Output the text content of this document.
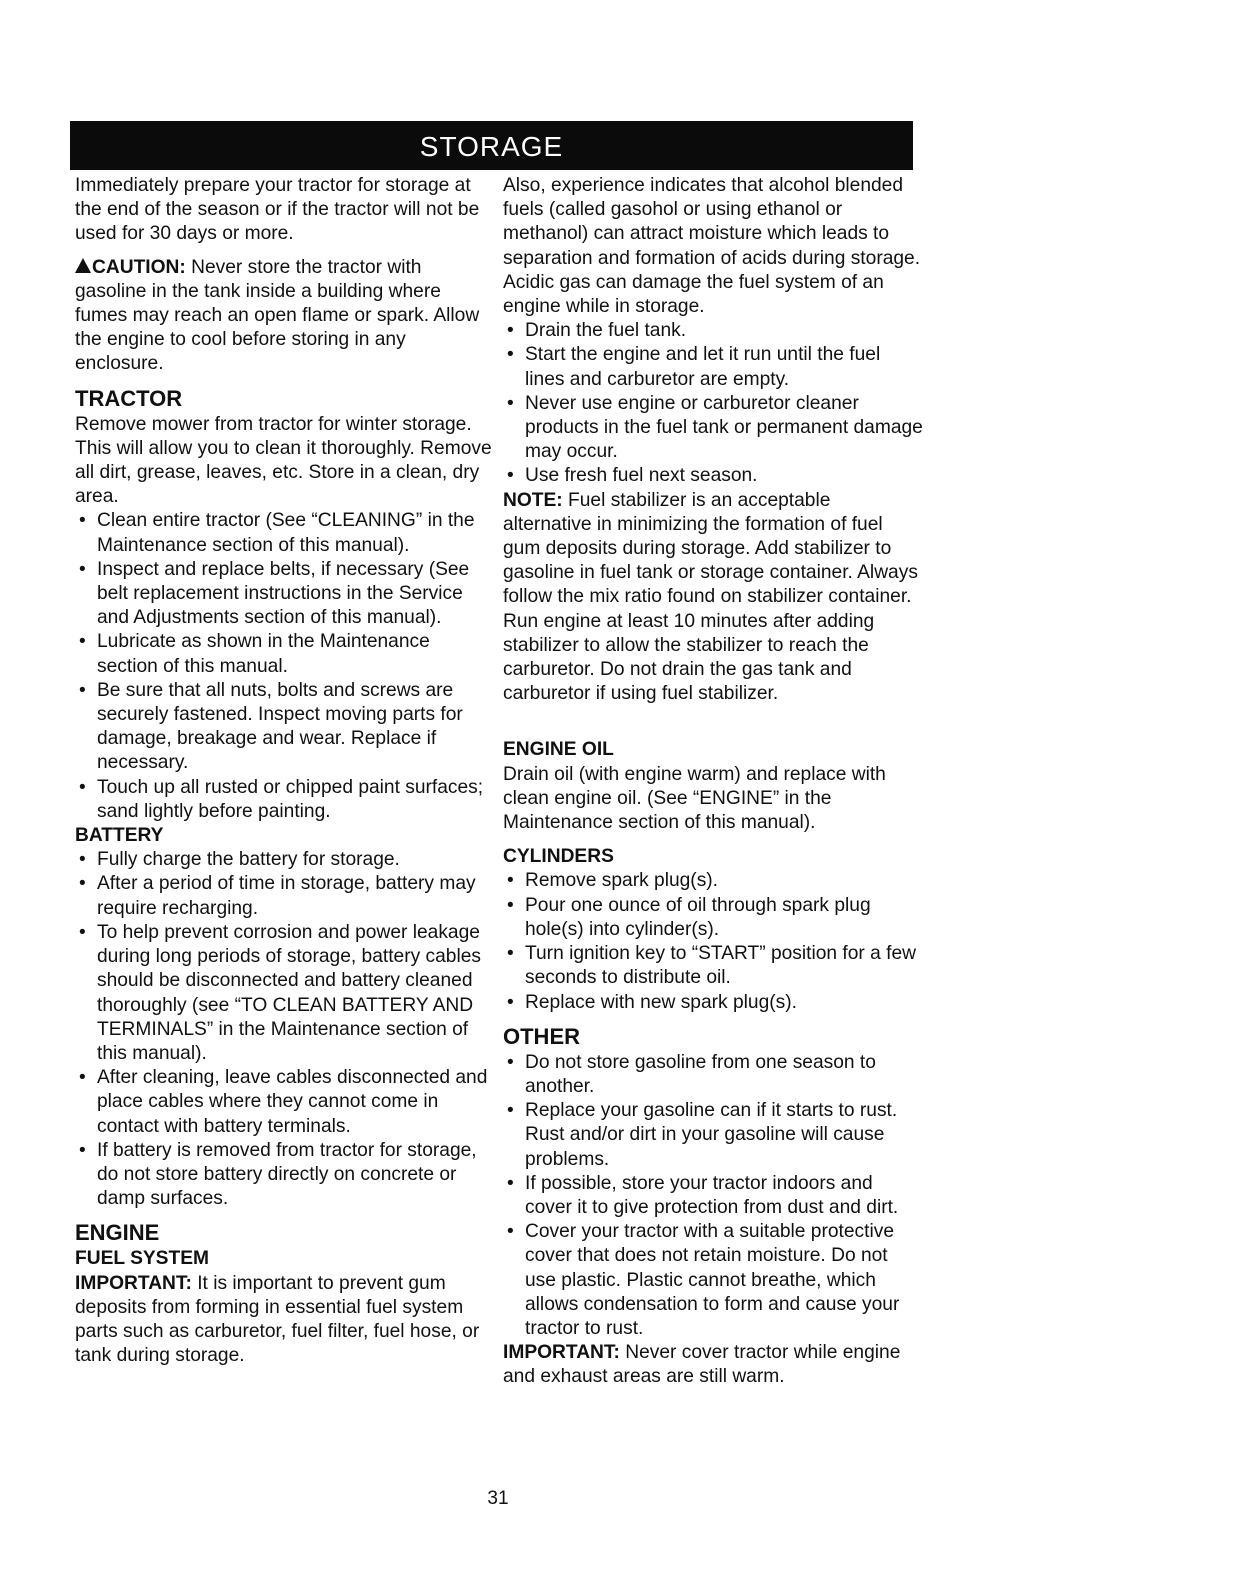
STORAGE

Immediately prepare your tractor for storage at the end of the season or if the tractor will not be used for 30 days or more.

CAUTION: Never store the tractor with gasoline in the tank inside a building where fumes may reach an open flame or spark. Allow the engine to cool before storing in any enclosure.

TRACTOR

Remove mower from tractor for winter storage. This will allow you to clean it thoroughly. Remove all dirt, grease, leaves, etc. Store in a clean, dry area.

• Clean entire tractor (See “CLEANING” in the Maintenance section of this manual).
• Inspect and replace belts, if necessary (See belt replacement instructions in the Service and Adjustments section of this manual).
• Lubricate as shown in the Maintenance section of this manual.
• Be sure that all nuts, bolts and screws are securely fastened. Inspect moving parts for damage, breakage and wear. Replace if necessary.
• Touch up all rusted or chipped paint surfaces; sand lightly before painting.
BATTERY
• Fully charge the battery for storage.
• After a period of time in storage, battery may require recharging.
• To help prevent corrosion and power leakage during long periods of storage, battery cables should be disconnected and battery cleaned thoroughly (see “TO CLEAN BATTERY AND TERMINALS” in the Maintenance section of this manual).
• After cleaning, leave cables disconnected and place cables where they cannot come in contact with battery terminals.
• If battery is removed from tractor for storage, do not store battery directly on concrete or damp surfaces.
ENGINE
FUEL SYSTEM

IMPORTANT: It is important to prevent gum deposits from forming in essential fuel system parts such as carburetor, fuel filter, fuel hose, or tank during storage.

Also, experience indicates that alcohol blended fuels (called gasohol or using ethanol or methanol) can attract moisture which leads to separation and formation of acids during storage. Acidic gas can damage the fuel system of an engine while in storage.

• Drain the fuel tank.
• Start the engine and let it run until the fuel lines and carburetor are empty.
• Never use engine or carburetor cleaner products in the fuel tank or permanent damage may occur.
• Use fresh fuel next season.

NOTE: Fuel stabilizer is an acceptable alternative in minimizing the formation of fuel gum deposits during storage. Add stabilizer to gasoline in fuel tank or storage container. Always follow the mix ratio found on stabilizer container. Run engine at least 10 minutes after adding stabilizer to allow the stabilizer to reach the carburetor. Do not drain the gas tank and carburetor if using fuel stabilizer.

ENGINE OIL

Drain oil (with engine warm) and replace with clean engine oil. (See “ENGINE” in the Maintenance section of this manual).

CYLINDERS
• Remove spark plug(s).
• Pour one ounce of oil through spark plug hole(s) into cylinder(s).
• Turn ignition key to “START” position for a few seconds to distribute oil.
• Replace with new spark plug(s).
OTHER
• Do not store gasoline from one season to another.
• Replace your gasoline can if it starts to rust. Rust and/or dirt in your gasoline will cause problems.
• If possible, store your tractor indoors and cover it to give protection from dust and dirt.
• Cover your tractor with a suitable protective cover that does not retain moisture. Do not use plastic. Plastic cannot breathe, which allows condensation to form and cause your tractor to rust.

IMPORTANT: Never cover tractor while engine and exhaust areas are still warm.

31
